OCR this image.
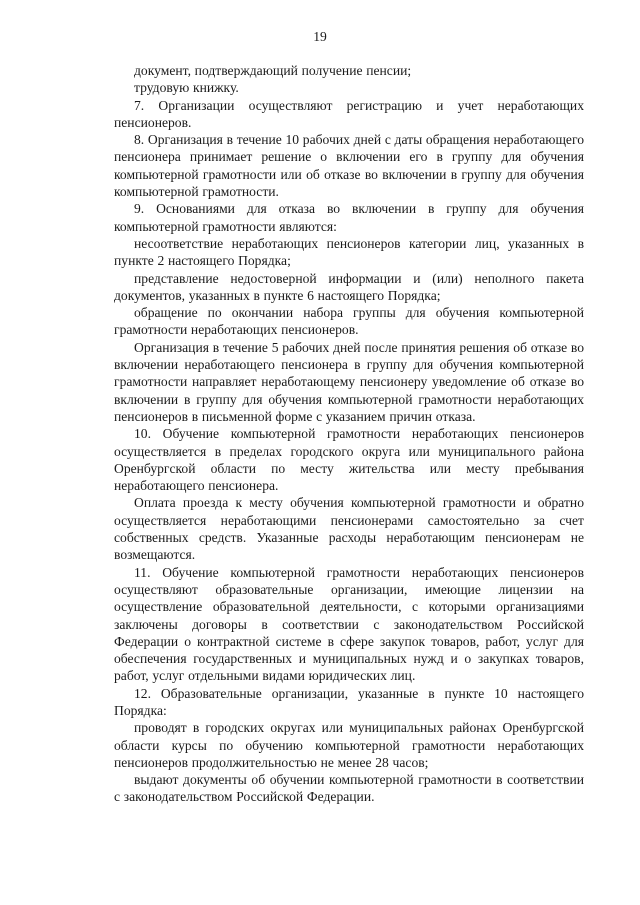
19

документ, подтверждающий получение пенсии;

трудовую книжку.

7. Организации осуществляют регистрацию и учет неработающих пенсионеров.

8. Организация в течение 10 рабочих дней с даты обращения неработающего пенсионера принимает решение о включении его в группу для обучения компьютерной грамотности или об отказе во включении в группу для обучения компьютерной грамотности.

9. Основаниями для отказа во включении в группу для обучения компьютерной грамотности являются:

несоответствие неработающих пенсионеров категории лиц, указанных в пункте 2 настоящего Порядка;

представление недостоверной информации и (или) неполного пакета документов, указанных в пункте 6 настоящего Порядка;

обращение по окончании набора группы для обучения компьютерной грамотности неработающих пенсионеров.

Организация в течение 5 рабочих дней после принятия решения об отказе во включении неработающего пенсионера в группу для обучения компьютерной грамотности направляет неработающему пенсионеру уведомление об отказе во включении в группу для обучения компьютерной грамотности неработающих пенсионеров в письменной форме с указанием причин отказа.

10. Обучение компьютерной грамотности неработающих пенсионеров осуществляется в пределах городского округа или муниципального района Оренбургской области по месту жительства или месту пребывания неработающего пенсионера.

Оплата проезда к месту обучения компьютерной грамотности и обратно осуществляется неработающими пенсионерами самостоятельно за счет собственных средств. Указанные расходы неработающим пенсионерам не возмещаются.

11. Обучение компьютерной грамотности неработающих пенсионеров осуществляют образовательные организации, имеющие лицензии на осуществление образовательной деятельности, с которыми организациями заключены договоры в соответствии с законодательством Российской Федерации о контрактной системе в сфере закупок товаров, работ, услуг для обеспечения государственных и муниципальных нужд и о закупках товаров, работ, услуг отдельными видами юридических лиц.

12. Образовательные организации, указанные в пункте 10 настоящего Порядка:

проводят в городских округах или муниципальных районах Оренбургской области курсы по обучению компьютерной грамотности неработающих пенсионеров продолжительностью не менее 28 часов;

выдают документы об обучении компьютерной грамотности в соответствии с законодательством Российской Федерации.
